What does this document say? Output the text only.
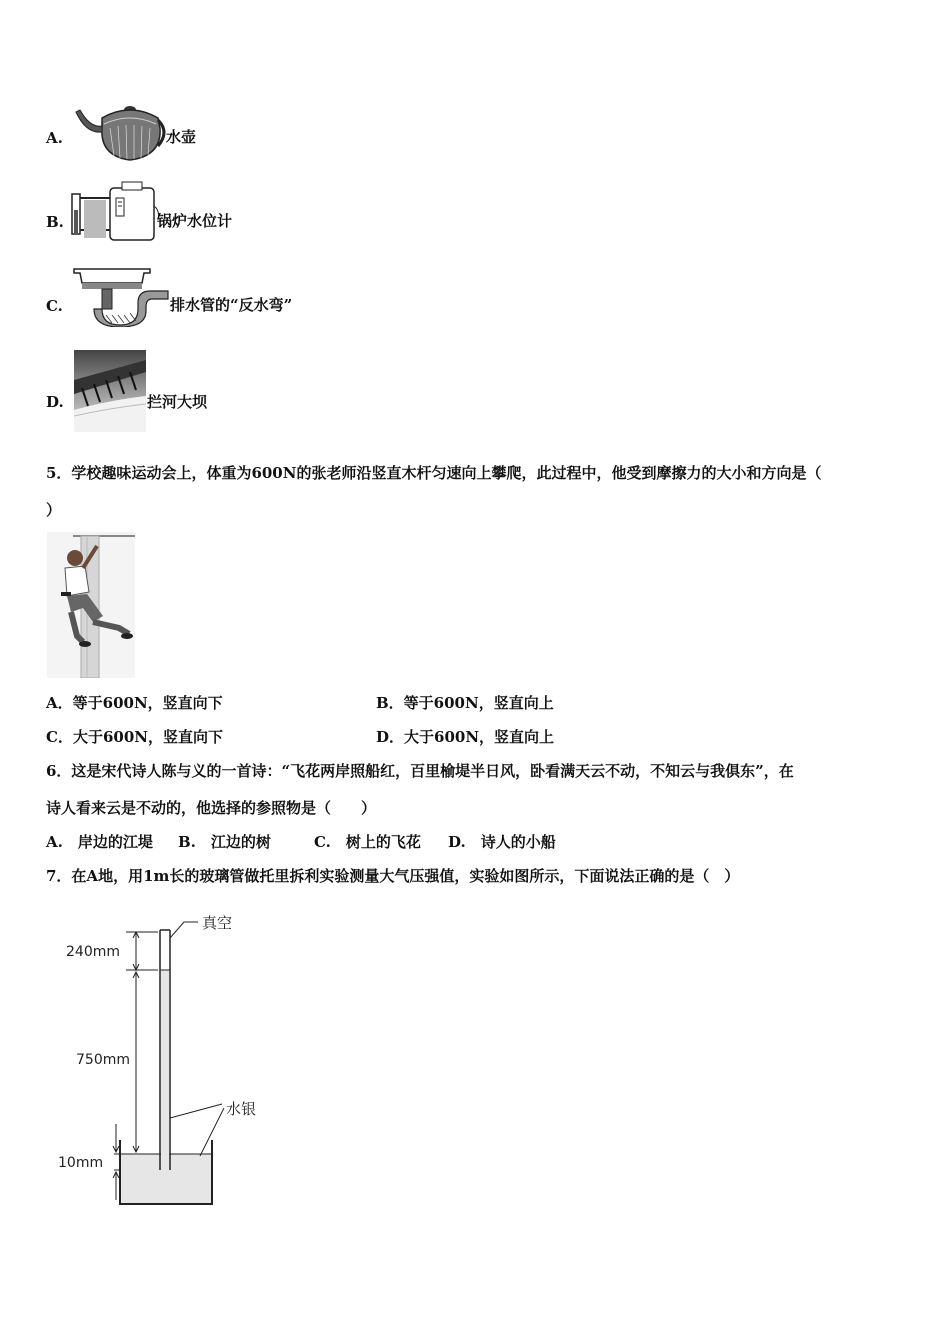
A.	水壶
B.	锅炉水位计
C.	排水管的“反水弯”
D.	拦河大坝
5．学校趣味运动会上，体重为600N的张老师沿竖直木杆匀速向上攀爬，此过程中，他受到摩擦力的大小和方向是（
）
A．等于600N，竖直向下	B．等于600N，竖直向上
C．大于600N，竖直向下	D．大于600N，竖直向上
6．这是宋代诗人陈与义的一首诗：“飞花两岸照船红，百里榆堤半日风，卧看满天云不动，不知云与我俱东”，在
诗人看来云是不动的，他选择的参照物是（　　）
A.　岸边的江堤 B.　江边的树	C.　树上的飞花 D.　诗人的小船
7．在A地，用1m长的玻璃管做托里拆利实验测量大气压强值，实验如图所示，下面说法正确的是（　）
真空
水银
240mm
750mm
10mm
